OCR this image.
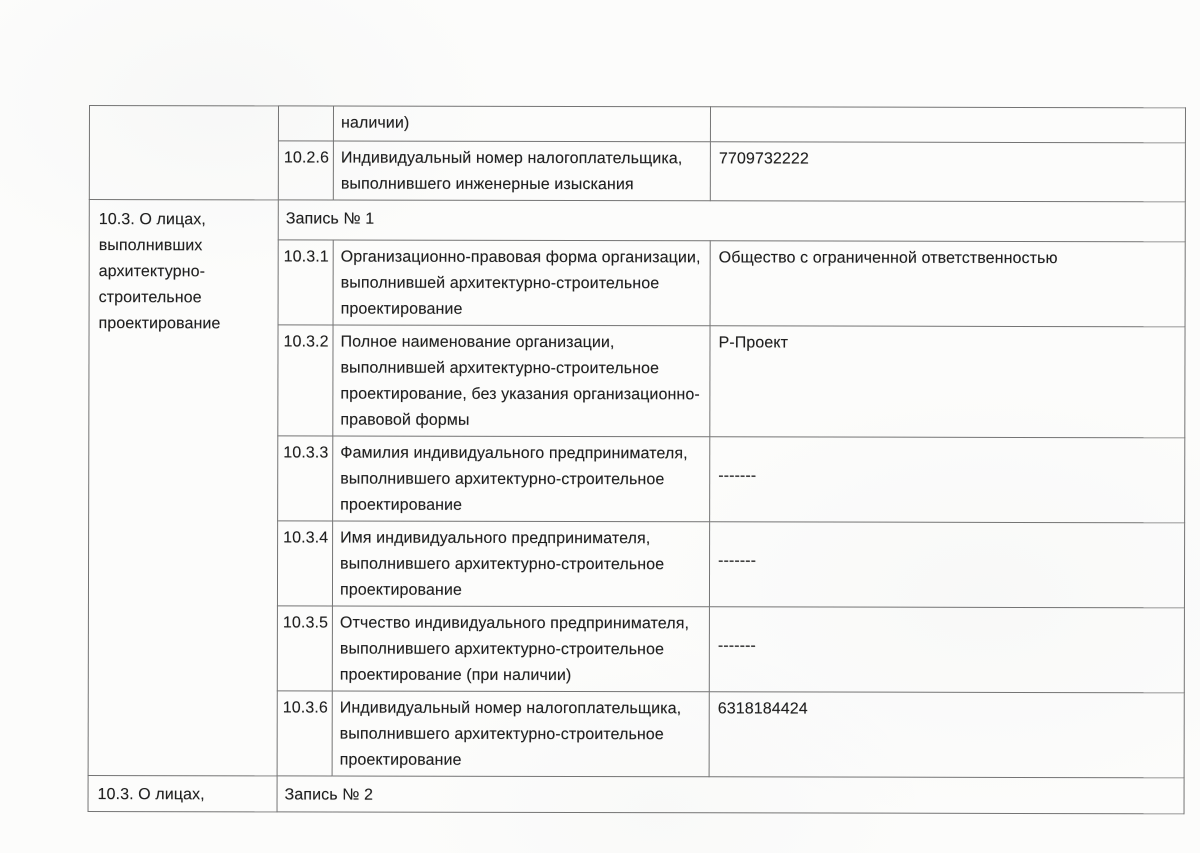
		наличии)	
	10.2.6	Индивидуальный номер налогоплательщика, выполнившего инженерные изыскания	7709732222
10.3. О лицах, выполнивших архитектурно-строительное проектирование	Запись № 1		
	10.3.1	Организационно-правовая форма организации, выполнившей архитектурно-строительное проектирование	Общество с ограниченной ответственностью
	10.3.2	Полное наименование организации, выполнившей архитектурно-строительное проектирование, без указания организационно-правовой формы	Р-Проект
	10.3.3	Фамилия индивидуального предпринимателя, выполнившего архитектурно-строительное проектирование	-------
	10.3.4	Имя индивидуального предпринимателя, выполнившего архитектурно-строительное проектирование	-------
	10.3.5	Отчество индивидуального предпринимателя, выполнившего архитектурно-строительное проектирование (при наличии)	-------
	10.3.6	Индивидуальный номер налогоплательщика, выполнившего архитектурно-строительное проектирование	6318184424
10.3. О лицах,	Запись № 2		
